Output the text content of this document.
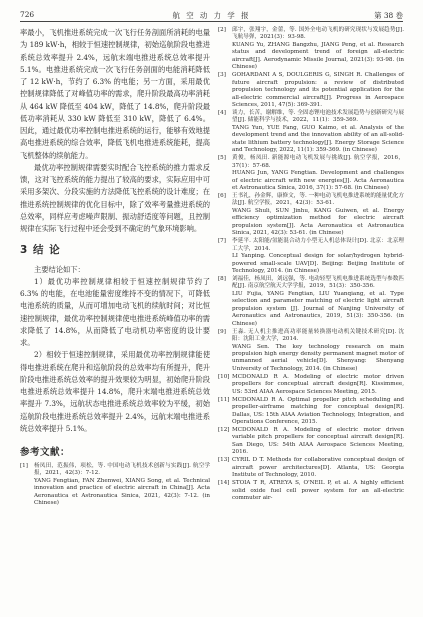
726	航 空 动 力 学 报	第 38 卷

率最小，飞机推进系统完成一次飞行任务剖面所消耗的电量为 189 kW·h，相较于恒速控制规律，初始巡航阶段电推进系统总效率提升 2.4%，远航末端电推进系统总效率提升 5.1%。电推进系统完成一次飞行任务剖面的电能消耗降低了 12 kW·h，节约了 6.3% 的电能；另一方面，采用最优控制规律降低了对峰值功率的需求，爬升阶段最高功率消耗从 464 kW 降低至 404 kW，降低了 14.8%，爬升阶段最低功率消耗从 330 kW 降低至 310 kW，降低了 6.4%。因此，通过最优功率控制电推进系统的运行，能够有效地提高电推进系统的综合效率，降低飞机电推进系统能耗，提高飞机整体的续航能力。

最优功率控制规律需要实时配合飞控系统的推力需求反馈，这对飞控系统的能力提出了较高的要求，实际应用中可采用多架次、分段实施的方法降低飞控系统的设计难度；在推进系统控制规律的优化目标中，除了效率考量推进系统的总效率，同样应考虑噪声限制、振动舒适度等问题，且控制规律在实际飞行过程中还会受到不确定的气象环境影响。

3 结 论

主要结论如下：

1）最优功率控制规律相较于恒速控制规律节约了 6.3% 的电能，在电池能量密度维持不变的情况下，可降低电池系统的质量，从而可增加电动飞机的续航时间；对比恒速控制规律，最优功率控制规律使电推进系统峰值功率的需求降低了 14.8%，从而降低了电动机功率密度的设计要求。

2）相较于恒速控制规律，采用最优功率控制规律能使得电推进系统在爬升和巡航阶段的总效率均有所提升，爬升阶段电推进系统总效率的提升效果较为明显，初始爬升阶段电推进系统总效率提升 14.8%，爬升末端电推进系统总效率提升 7.3%，远航状态电推进系统总效率较为平缓，初始巡航阶段电推进系统总效率提升 2.4%，远航末端电推进系统总效率提升 5.1%。

参考文献：
[1] 杨凤田，范振伟，项松，等. 中国电动飞机技术创新与实践[J]. 航空学报，2021，42(3)：7-12.
YANG Fengtian, FAN Zhenwei, XIANG Song, et al. Technical innovation and practice of electric aircraft in China[J]. Acta Aeronautica et Astronautica Sinica, 2021, 42(3): 7-12. (in Chinese)
[2] 邱宇，张翔宇，金蕾，等. 国外全电动飞机的研究现状与发展趋势[J]. 飞航导弹，2021(3)：93-98.
KUANG Yu, ZHANG Bangzhu, JIANG Peng, et al. Research status and development trend of foreign all-electric aircraft[J]. Aerodynamic Missile Journal, 2021(3): 93-98. (in Chinese)
[3] GOHARDANI A S, DOULGERIS G, SINGH R. Challenges of future aircraft propulsion: a review of distributed propulsion technology and its potential application for the all-electric commercial aircraft[J]. Progress in Aerospace Sciences, 2011, 47(5): 369-391.
[4] 谈力，长苦，谢解维，等. 全固态锂电池技术发展趋势与创新研究与展望[J]. 储能科学与技术，2022，11(1)：359-369.
TANG Yun, YUE Fang, GUO Kaimo, et al. Analysis of the development trend and the innovation ability of an all-solid-state lithium battery technology[J]. Energy Storage Science and Technology, 2022, 11(1): 359-369. (in Chinese)
[5] 黄俊，杨凤田. 新能源电动飞机发展与挑战[J]. 航空学报，2016，37(1)：57-68.
HUANG Jun, YANG Fengtian. Development and challenges of electric aircraft with new energies[J]. Acta Aeronautica et Astronautica Sinica, 2016, 37(1): 57-68. (in Chinese)
[6] 王书礼，孙金辉，康修文，等. 一种电动飞机电推进系统的能量优化方法[J]. 航空学报，2021，42(3)：53-61.
WANG Shuli, SUN Jinhu, KANG Guiwen, et al. Energy efficiency optimization method for electric aircraft propulsion system[J]. Acta Aeronautica et Astronautica Sinica, 2021, 42(3): 53-61. (in Chinese)
[7] 李延平. 太阳能/氢能混合动力小型无人机总体设计[D]. 北京：北京理工大学，2014.
LI Yanping. Conceptual design for solar/hydrogen hybrid-powered small-scale UAV[D]. Beijing: Beijing Institute of Technology, 2014. (in Chinese)
[8] 刘福佳，杨凤田，刘远强，等. 电动轻型飞机电推进系统选型与参数匹配[J]. 南京航空航天大学学报，2019，51(3)：350-356.
LIU Fujia, YANG Fengtian, LIU Yuanqiang, et al. Type selection and parameter matching of electric light aircraft propulsion system [J]. Journal of Nanjing University of Aeronautics and Astronautics, 2019, 51(3): 350-356. (in Chinese)
[9] 王淼. 无人机主推进高功率能量转换器电动机关键技术研究[D]. 沈阳：沈阳工业大学，2014.
WANG Sen. The key technology research on main propulsion high energy density permanent magnet motor of unmanned aerial vehicle[D]. Shenyang: Shenyang University of Technology, 2014. (in Chinese)
[10] MCDONALD R A. Modeling of electric motor driven propellers for conceptual aircraft design[R]. Kissimmee, US: 53rd AIAA Aerospace Sciences Meeting, 2015.
[11] MCDONALD R A. Optimal propeller pitch scheduling and propeller-airframe matching for conceptual design[R]. Dallas, US: 15th AIAA Aviation Technology, Integration, and Operations Conference, 2015.
[12] MCDONALD R A. Modeling of electric motor driven variable pitch propellers for conceptual aircraft design[R]. San Diego, US: 54th AIAA Aerospace Sciences Meeting, 2016.
[13] CYRIL D T. Methods for collaborative conceptual design of aircraft power architectures[D]. Atlanta, US: Georgia Institute of Technology, 2010.
[14] STOIA T R, ATREYA S, O'NEIL P, et al. A highly efficient solid oxide fuel cell power system for an all-electric commuter air-
